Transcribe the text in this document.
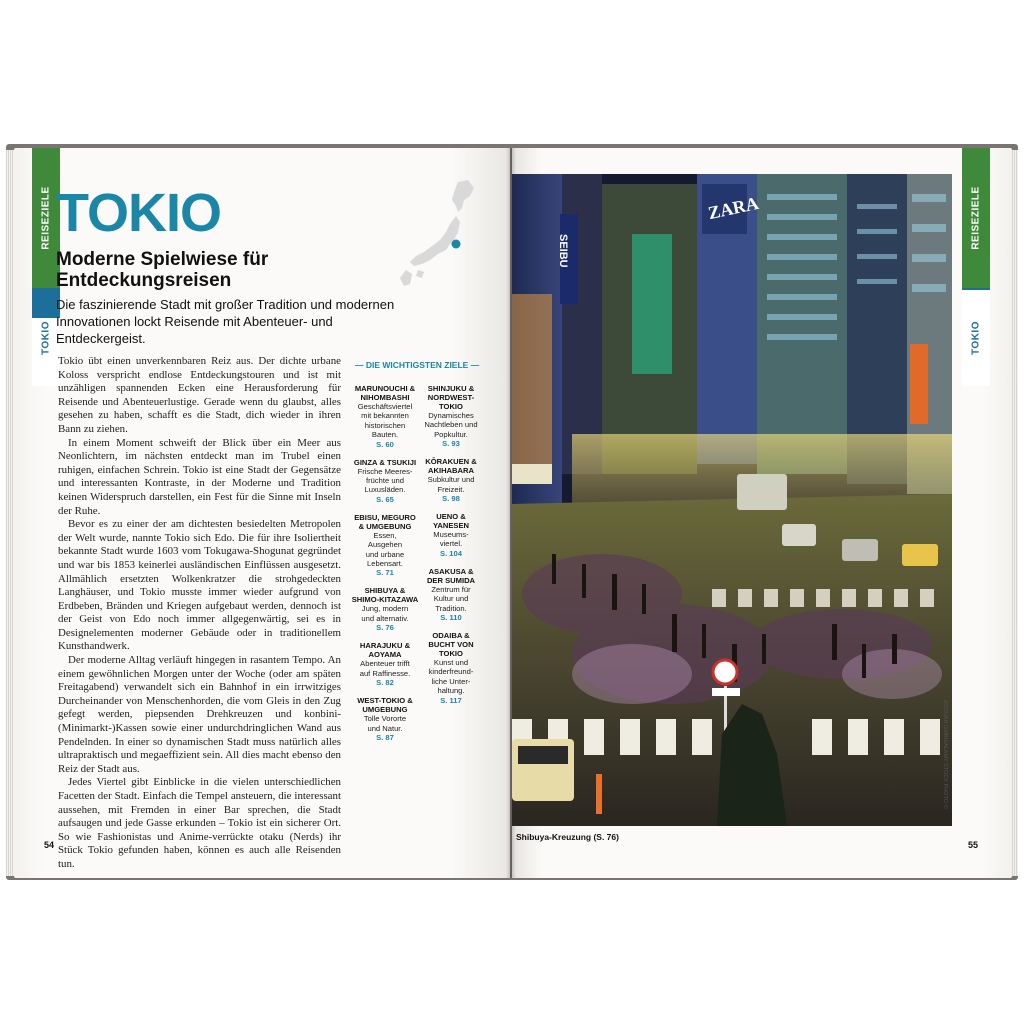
REISEZIELE
TOKIO
TOKIO
Moderne Spielwiese für Entdeckungsreisen
Die faszinierende Stadt mit großer Tradition und modernen Innovationen lockt Reisende mit Abenteuer- und Entdeckergeist.

Tokio übt einen unverkennbaren Reiz aus. Der dichte urbane Koloss verspricht endlose Entdeckungstouren und ist mit unzähligen spannenden Ecken eine Herausforderung für Reisende und Abenteuerlustige. Gerade wenn du glaubst, alles gesehen zu haben, schafft es die Stadt, dich wieder in ihren Bann zu ziehen.

In einem Moment schweift der Blick über ein Meer aus Neonlichtern, im nächsten entdeckt man im Trubel einen ruhigen, einfachen Schrein. Tokio ist eine Stadt der Gegensätze und interessanten Kontraste, in der Moderne und Tradition keinen Widerspruch darstellen, ein Fest für die Sinne mit Inseln der Ruhe.

Bevor es zu einer der am dichtesten besiedelten Metropolen der Welt wurde, nannte Tokio sich Edo. Die für ihre Isoliertheit bekannte Stadt wurde 1603 vom Tokugawa-Shogunat gegründet und war bis 1853 keinerlei ausländischen Einflüssen ausgesetzt. Allmählich ersetzten Wolkenkratzer die strohgedeckten Langhäuser, und Tokio musste immer wieder aufgrund von Erdbeben, Bränden und Kriegen aufgebaut werden, dennoch ist der Geist von Edo noch immer allgegenwärtig, sei es in Designelementen moderner Gebäude oder in traditionellem Kunsthandwerk.

Der moderne Alltag verläuft hingegen in rasantem Tempo. An einem gewöhnlichen Morgen unter der Woche (oder am späten Freitagabend) verwandelt sich ein Bahnhof in ein irrwitziges Durcheinander von Menschenhorden, die vom Gleis in den Zug gefegt werden, piepsenden Drehkreuzen und konbini-(Minimarkt-)Kassen sowie einer undurchdringlichen Wand aus Pendelnden. In einer so dynamischen Stadt muss natürlich alles ultrapraktisch und megaeffizient sein. All dies macht ebenso den Reiz der Stadt aus.

Jedes Viertel gibt Einblicke in die vielen unterschiedlichen Facetten der Stadt. Einfach die Tempel ansteuern, die interessant aussehen, mit Fremden in einer Bar sprechen, die Stadt aufsaugen und jede Gasse erkunden – Tokio ist ein sicherer Ort. So wie Fashionistas und Anime-verrückte otaku (Nerds) ihr Stück Tokio gefunden haben, können es auch alle Reisenden tun.

— DIE WICHTIGSTEN ZIELE —
MARUNOUCHI &
NIHOMBASHI
Geschäftsviertel
mit bekannten
historischen
Bauten.
S. 60
GINZA & TSUKIJI
Frische Meeres-
früchte und
Luxusläden.
S. 65
EBISU, MEGURO
& UMGEBUNG
Essen,
Ausgehen
und urbane
Lebensart.
S. 71
SHIBUYA &
SHIMO-KITAZAWA
Jung, modern
und alternativ.
S. 76
HARAJUKU &
AOYAMA
Abenteuer trifft
auf Raffinesse.
S. 82
WEST-TOKIO &
UMGEBUNG
Tolle Vororte
und Natur.
S. 87
SHINJUKU &
NORDWEST-
TOKIO
Dynamisches
Nachtleben und
Popkultur.
S. 93
KŌRAKUEN &
AKIHABARA
Subkultur und
Freizeit.
S. 98
UENO &
YANESEN
Museums-
viertel.
S. 104
ASAKUSA &
DER SUMIDA
Zentrum für
Kultur und
Tradition.
S. 110
ODAIBA &
BUCHT VON
TOKIO
Kunst und
kinderfreund-
liche Unter-
haltung.
S. 117
54
ZARA
SEIBU
REISEZIELE
TOKIO
Shibuya-Kreuzung (S. 76)
ZOONAR GMBH/ALAMY STOCK PHOTO ©
55
